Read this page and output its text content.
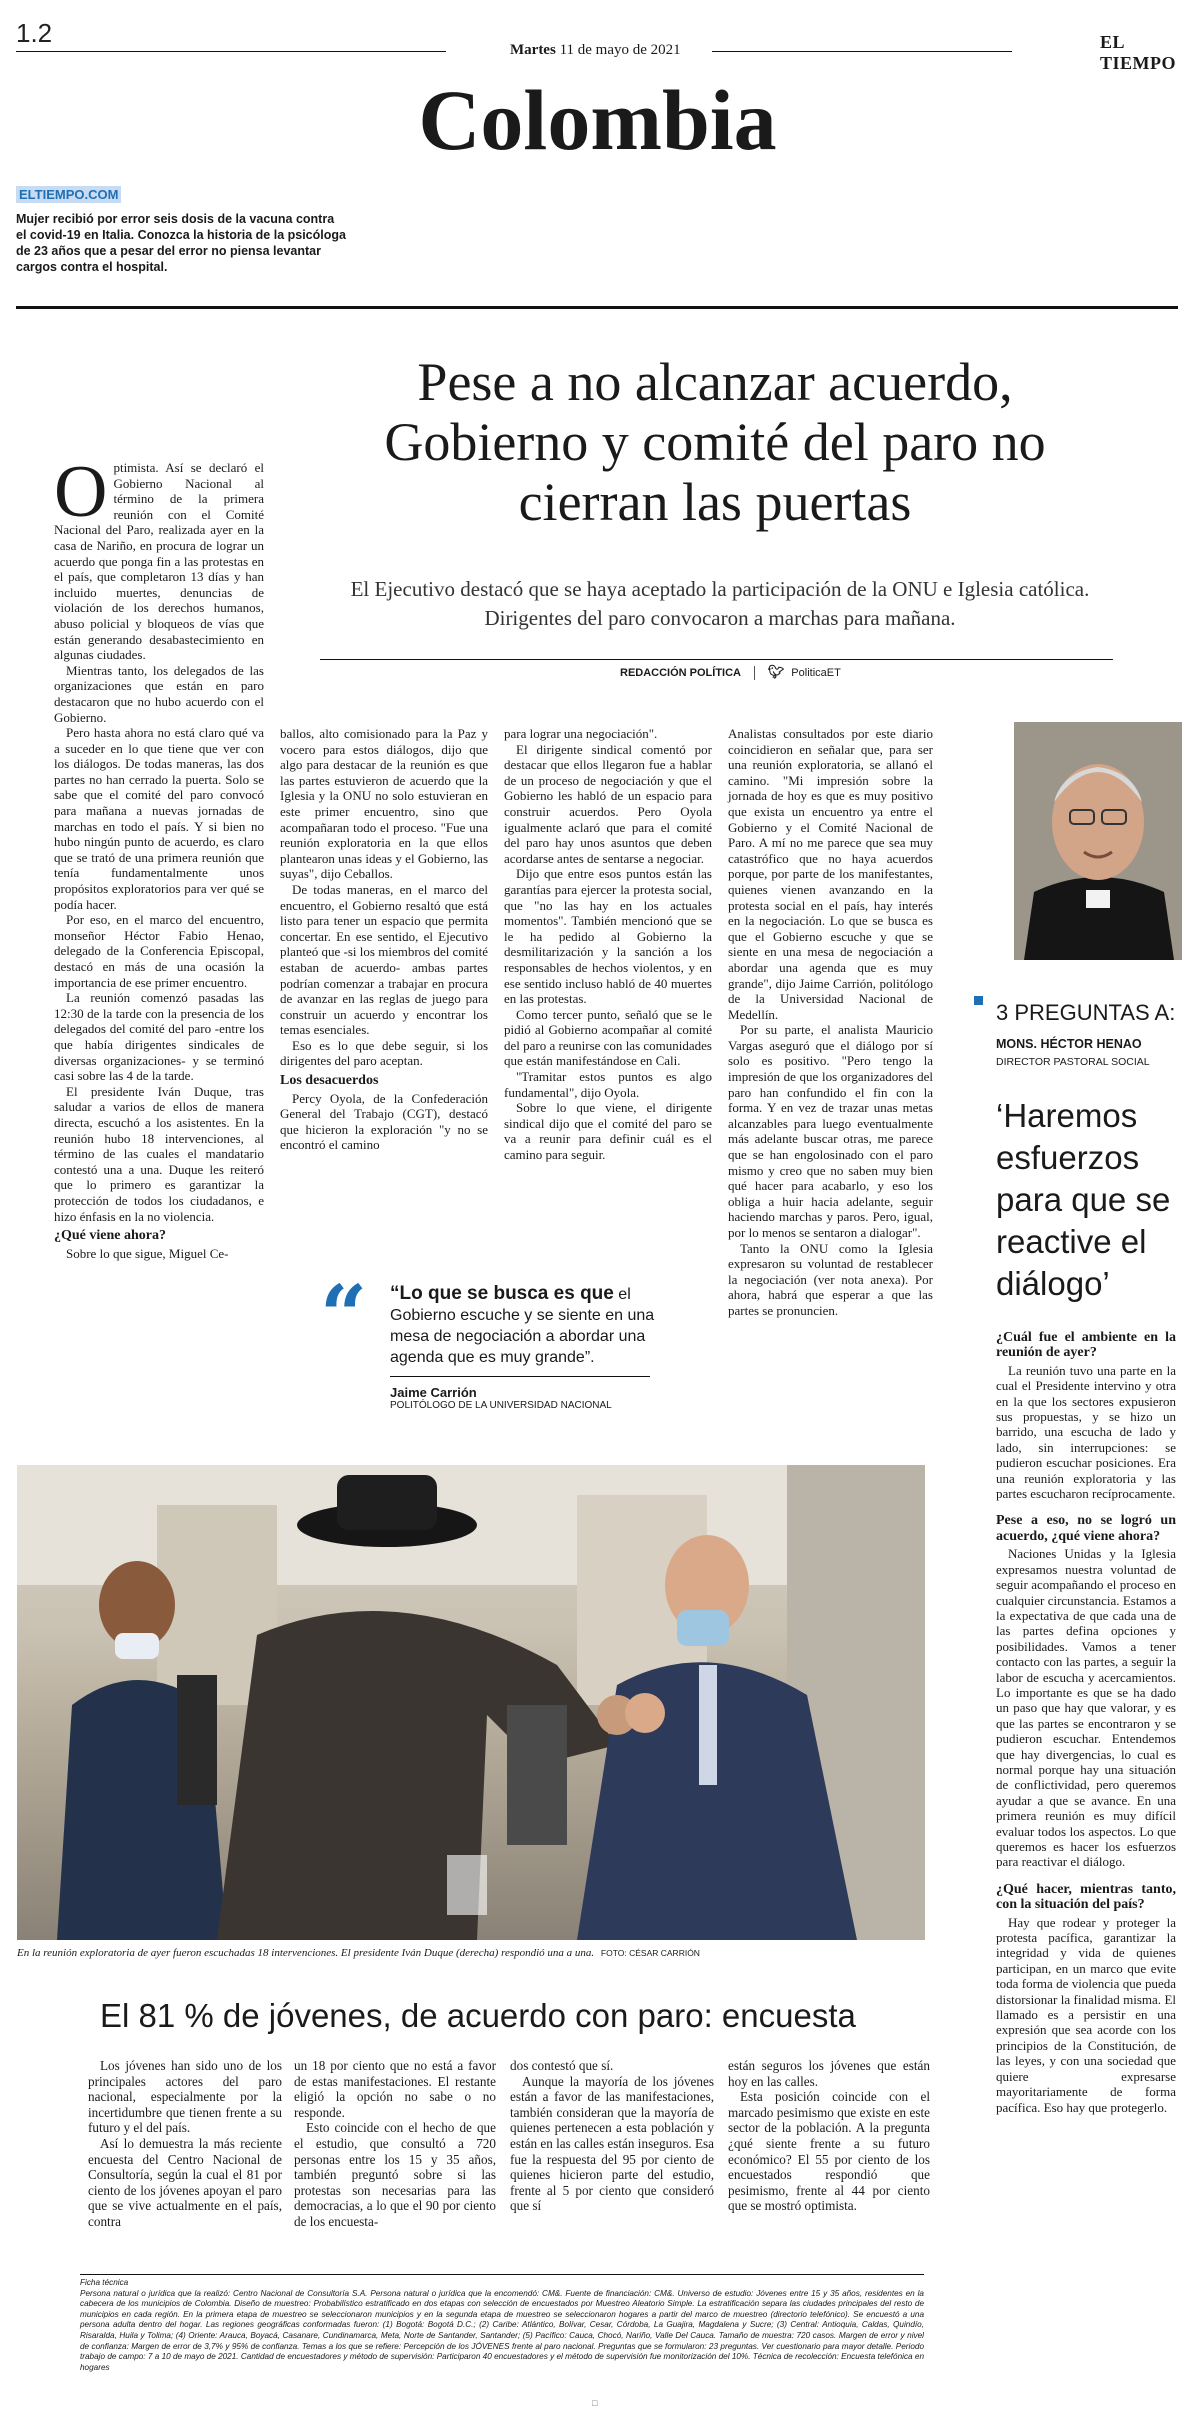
1.2
Martes 11 de mayo de 2021	EL TIEMPO
Colombia
ELTIEMPO.COM
Mujer recibió por error seis dosis de la vacuna contra el covid-19 en Italia. Conozca la historia de la psicóloga de 23 años que a pesar del error no piensa levantar cargos contra el hospital.
Pese a no alcanzar acuerdo, Gobierno y comité del paro no cierran las puertas
El Ejecutivo destacó que se haya aceptado la participación de la ONU e Iglesia católica. Dirigentes del paro convocaron a marchas para mañana.
REDACCIÓN POLÍTICA 🐦︎ PoliticaET

Optimista. Así se declaró el Gobierno Nacional al término de la primera reunión con el Comité Nacional del Paro, realizada ayer en la casa de Nariño, en procura de lograr un acuerdo que ponga fin a las protestas en el país, que completaron 13 días y han incluido muertes, denuncias de violación de los derechos humanos, abuso policial y bloqueos de vías que están generando desabastecimiento en algunas ciudades.

Mientras tanto, los delegados de las organizaciones que están en paro destacaron que no hubo acuerdo con el Gobierno.

Pero hasta ahora no está claro qué va a suceder en lo que tiene que ver con los diálogos. De todas maneras, las dos partes no han cerrado la puerta. Solo se sabe que el comité del paro convocó para mañana a nuevas jornadas de marchas en todo el país. Y si bien no hubo ningún punto de acuerdo, es claro que se trató de una primera reunión que tenía fundamentalmente unos propósitos exploratorios para ver qué se podía hacer.

Por eso, en el marco del encuentro, monseñor Héctor Fabio Henao, delegado de la Conferencia Episcopal, destacó en más de una ocasión la importancia de ese primer encuentro.

La reunión comenzó pasadas las 12:30 de la tarde con la presencia de los delegados del comité del paro -entre los que había dirigentes sindicales de diversas organizaciones- y se terminó casi sobre las 4 de la tarde.

El presidente Iván Duque, tras saludar a varios de ellos de manera directa, escuchó a los asistentes. En la reunión hubo 18 intervenciones, al término de las cuales el mandatario contestó una a una. Duque les reiteró que lo primero es garantizar la protección de todos los ciudadanos, e hizo énfasis en la no violencia.

¿Qué viene ahora?

Sobre lo que sigue, Miguel Ce-

ballos, alto comisionado para la Paz y vocero para estos diálogos, dijo que algo para destacar de la reunión es que las partes estuvieron de acuerdo que la Iglesia y la ONU no solo estuvieran en este primer encuentro, sino que acompañaran todo el proceso. "Fue una reunión exploratoria en la que ellos plantearon unas ideas y el Gobierno, las suyas", dijo Ceballos.

De todas maneras, en el marco del encuentro, el Gobierno resaltó que está listo para tener un espacio que permita concertar. En ese sentido, el Ejecutivo planteó que -si los miembros del comité estaban de acuerdo- ambas partes podrían comenzar a trabajar en procura de avanzar en las reglas de juego para construir un acuerdo y encontrar los temas esenciales.

Eso es lo que debe seguir, si los dirigentes del paro aceptan.

Los desacuerdos

Percy Oyola, de la Confederación General del Trabajo (CGT), destacó que hicieron la exploración "y no se encontró el camino

para lograr una negociación".

El dirigente sindical comentó por destacar que ellos llegaron fue a hablar de un proceso de negociación y que el Gobierno les habló de un espacio para construir acuerdos. Pero Oyola igualmente aclaró que para el comité del paro hay unos asuntos que deben acordarse antes de sentarse a negociar.

Dijo que entre esos puntos están las garantías para ejercer la protesta social, que "no las hay en los actuales momentos". También mencionó que se le ha pedido al Gobierno la desmilitarización y la sanción a los responsables de hechos violentos, y en ese sentido incluso habló de 40 muertes en las protestas.

Como tercer punto, señaló que se le pidió al Gobierno acompañar al comité del paro a reunirse con las comunidades que están manifestándose en Cali.

"Tramitar estos puntos es algo fundamental", dijo Oyola.

Sobre lo que viene, el dirigente sindical dijo que el comité del paro se va a reunir para definir cuál es el camino para seguir.

Analistas consultados por este diario coincidieron en señalar que, para ser una reunión exploratoria, se allanó el camino. "Mi impresión sobre la jornada de hoy es que es muy positivo que exista un encuentro ya entre el Gobierno y el Comité Nacional de Paro. A mí no me parece que sea muy catastrófico que no haya acuerdos porque, por parte de los manifestantes, quienes vienen avanzando en la protesta social en el país, hay interés en la negociación. Lo que se busca es que el Gobierno escuche y que se siente en una mesa de negociación a abordar una agenda que es muy grande", dijo Jaime Carrión, politólogo de la Universidad Nacional de Medellín.

Por su parte, el analista Mauricio Vargas aseguró que el diálogo por sí solo es positivo. "Pero tengo la impresión de que los organizadores del paro han confundido el fin con la forma. Y en vez de trazar unas metas alcanzables para luego eventualmente más adelante buscar otras, me parece que se han engolosinado con el paro mismo y creo que no saben muy bien qué hacer para acabarlo, y eso los obliga a huir hacia adelante, seguir haciendo marchas y paros. Pero, igual, por lo menos se sentaron a dialogar".

Tanto la ONU como la Iglesia expresaron su voluntad de restablecer la negociación (ver nota anexa). Por ahora, habrá que esperar a que las partes se pronuncien.

“ “Lo que se busca es que el Gobierno escuche y se siente en una mesa de negociación a abordar una agenda que es muy grande”.
Jaime Carrión
POLITÓLOGO DE LA UNIVERSIDAD NACIONAL
En la reunión exploratoria de ayer fueron escuchadas 18 intervenciones. El presidente Iván Duque (derecha) respondió una a una. FOTO: CÉSAR CARRIÓN
3 PREGUNTAS A:
MONS. HÉCTOR HENAO
DIRECTOR PASTORAL SOCIAL
‘Haremos esfuerzos para que se reactive el diálogo’
¿Cuál fue el ambiente en la reunión de ayer?

La reunión tuvo una parte en la cual el Presidente intervino y otra en la que los sectores expusieron sus propuestas, y se hizo un barrido, una escucha de lado y lado, sin interrupciones: se pudieron escuchar posiciones. Era una reunión exploratoria y las partes escucharon recíprocamente.

Pese a eso, no se logró un acuerdo, ¿qué viene ahora?

Naciones Unidas y la Iglesia expresamos nuestra voluntad de seguir acompañando el proceso en cualquier circunstancia. Estamos a la expectativa de que cada una de las partes defina opciones y posibilidades. Vamos a tener contacto con las partes, a seguir la labor de escucha y acercamientos. Lo importante es que se ha dado un paso que hay que valorar, y es que las partes se encontraron y se pudieron escuchar. Entendemos que hay divergencias, lo cual es normal porque hay una situación de conflictividad, pero queremos ayudar a que se avance. En una primera reunión es muy difícil evaluar todos los aspectos. Lo que queremos es hacer los esfuerzos para reactivar el diálogo.

¿Qué hacer, mientras tanto, con la situación del país?

Hay que rodear y proteger la protesta pacífica, garantizar la integridad y vida de quienes participan, en un marco que evite toda forma de violencia que pueda distorsionar la finalidad misma. El llamado es a persistir en una expresión que sea acorde con los principios de la Constitución, de las leyes, y con una sociedad que quiere expresarse mayoritariamente de forma pacífica. Eso hay que protegerlo.

El 81 % de jóvenes, de acuerdo con paro: encuesta

Los jóvenes han sido uno de los principales actores del paro nacional, especialmente por la incertidumbre que tienen frente a su futuro y el del país.

Así lo demuestra la más reciente encuesta del Centro Nacional de Consultoría, según la cual el 81 por ciento de los jóvenes apoyan el paro que se vive actualmente en el país, contra

un 18 por ciento que no está a favor de estas manifestaciones. El restante eligió la opción no sabe o no responde.

Esto coincide con el hecho de que el estudio, que consultó a 720 personas entre los 15 y 35 años, también preguntó sobre si las protestas son necesarias para las democracias, a lo que el 90 por ciento de los encuesta-

dos contestó que sí.

Aunque la mayoría de los jóvenes están a favor de las manifestaciones, también consideran que la mayoría de quienes pertenecen a esta población y están en las calles están inseguros. Esa fue la respuesta del 95 por ciento de quienes hicieron parte del estudio, frente al 5 por ciento que consideró que sí

están seguros los jóvenes que están hoy en las calles.

Esta posición coincide con el marcado pesimismo que existe en este sector de la población. A la pregunta ¿qué siente frente a su futuro económico? El 55 por ciento de los encuestados respondió que pesimismo, frente al 44 por ciento que se mostró optimista.

Ficha técnica
Persona natural o jurídica que la realizó: Centro Nacional de Consultoría S.A. Persona natural o jurídica que la encomendó: CM&. Fuente de financiación: CM&. Universo de estudio: Jóvenes entre 15 y 35 años, residentes en la cabecera de los municipios de Colombia. Diseño de muestreo: Probabilístico estratificado en dos etapas con selección de encuestados por Muestreo Aleatorio Simple. La estratificación separa las ciudades principales del resto de municipios en cada región. En la primera etapa de muestreo se seleccionaron municipios y en la segunda etapa de muestreo se seleccionaron hogares a partir del marco de muestreo (directorio telefónico). Se encuestó a una persona adulta dentro del hogar. Las regiones geográficas conformadas fueron: (1) Bogotá: Bogotá D.C.; (2) Caribe: Atlántico, Bolívar, Cesar, Córdoba, La Guajira, Magdalena y Sucre; (3) Central: Antioquia, Caldas, Quindío, Risaralda, Huila y Tolima; (4) Oriente: Arauca, Boyacá, Casanare, Cundinamarca, Meta, Norte de Santander, Santander; (5) Pacífico: Cauca, Chocó, Nariño, Valle Del Cauca. Tamaño de muestra: 720 casos. Margen de error y nivel de confianza: Margen de error de 3,7% y 95% de confianza. Temas a los que se refiere: Percepción de los JÓVENES frente al paro nacional. Preguntas que se formularon: 23 preguntas. Ver cuestionario para mayor detalle. Periodo trabajo de campo: 7 a 10 de mayo de 2021. Cantidad de encuestadores y método de supervisión: Participaron 40 encuestadores y el método de supervisión fue monitorización del 10%. Técnica de recolección: Encuesta telefónica en hogares
□
